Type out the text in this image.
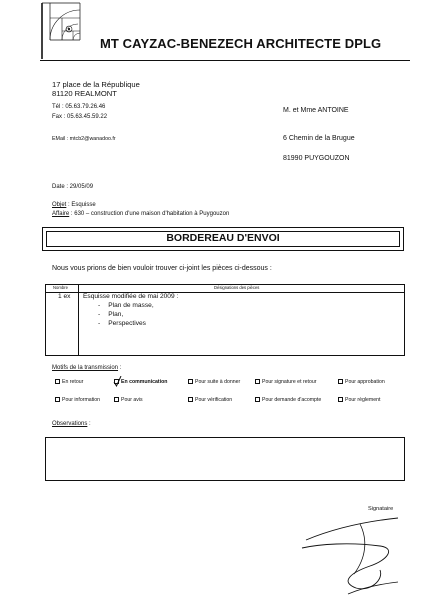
MT CAYZAC-BENEZECH ARCHITECTE DPLG
17 place de la République
81120 REALMONT
Tél : 05.63.79.26.46
Fax : 05.63.45.59.22
EMail : mtcb2@wanadoo.fr
M. et Mme ANTOINE
6 Chemin de la Brugue
81990 PUYGOUZON
Date : 29/05/09
Objet : Esquisse
Affaire : 630 – construction d'une maison d'habitation à Puygouzon
BORDEREAU D'ENVOI
Nous vous prions de bien vouloir trouver ci-joint les pièces ci-dessous :
Nombre	Désignations des pièces
1 ex Esquisse modifiée de mai 2009 :
- Plan de masse,
- Plan,
- Perspectives
Motifs de la transmission :
En retour	En communication	Pour suite à donner	Pour signature et retour	Pour approbation
Pour information	Pour avis	Pour vérification	Pour demande d'acompte	Pour règlement
Observations :
Signataire
